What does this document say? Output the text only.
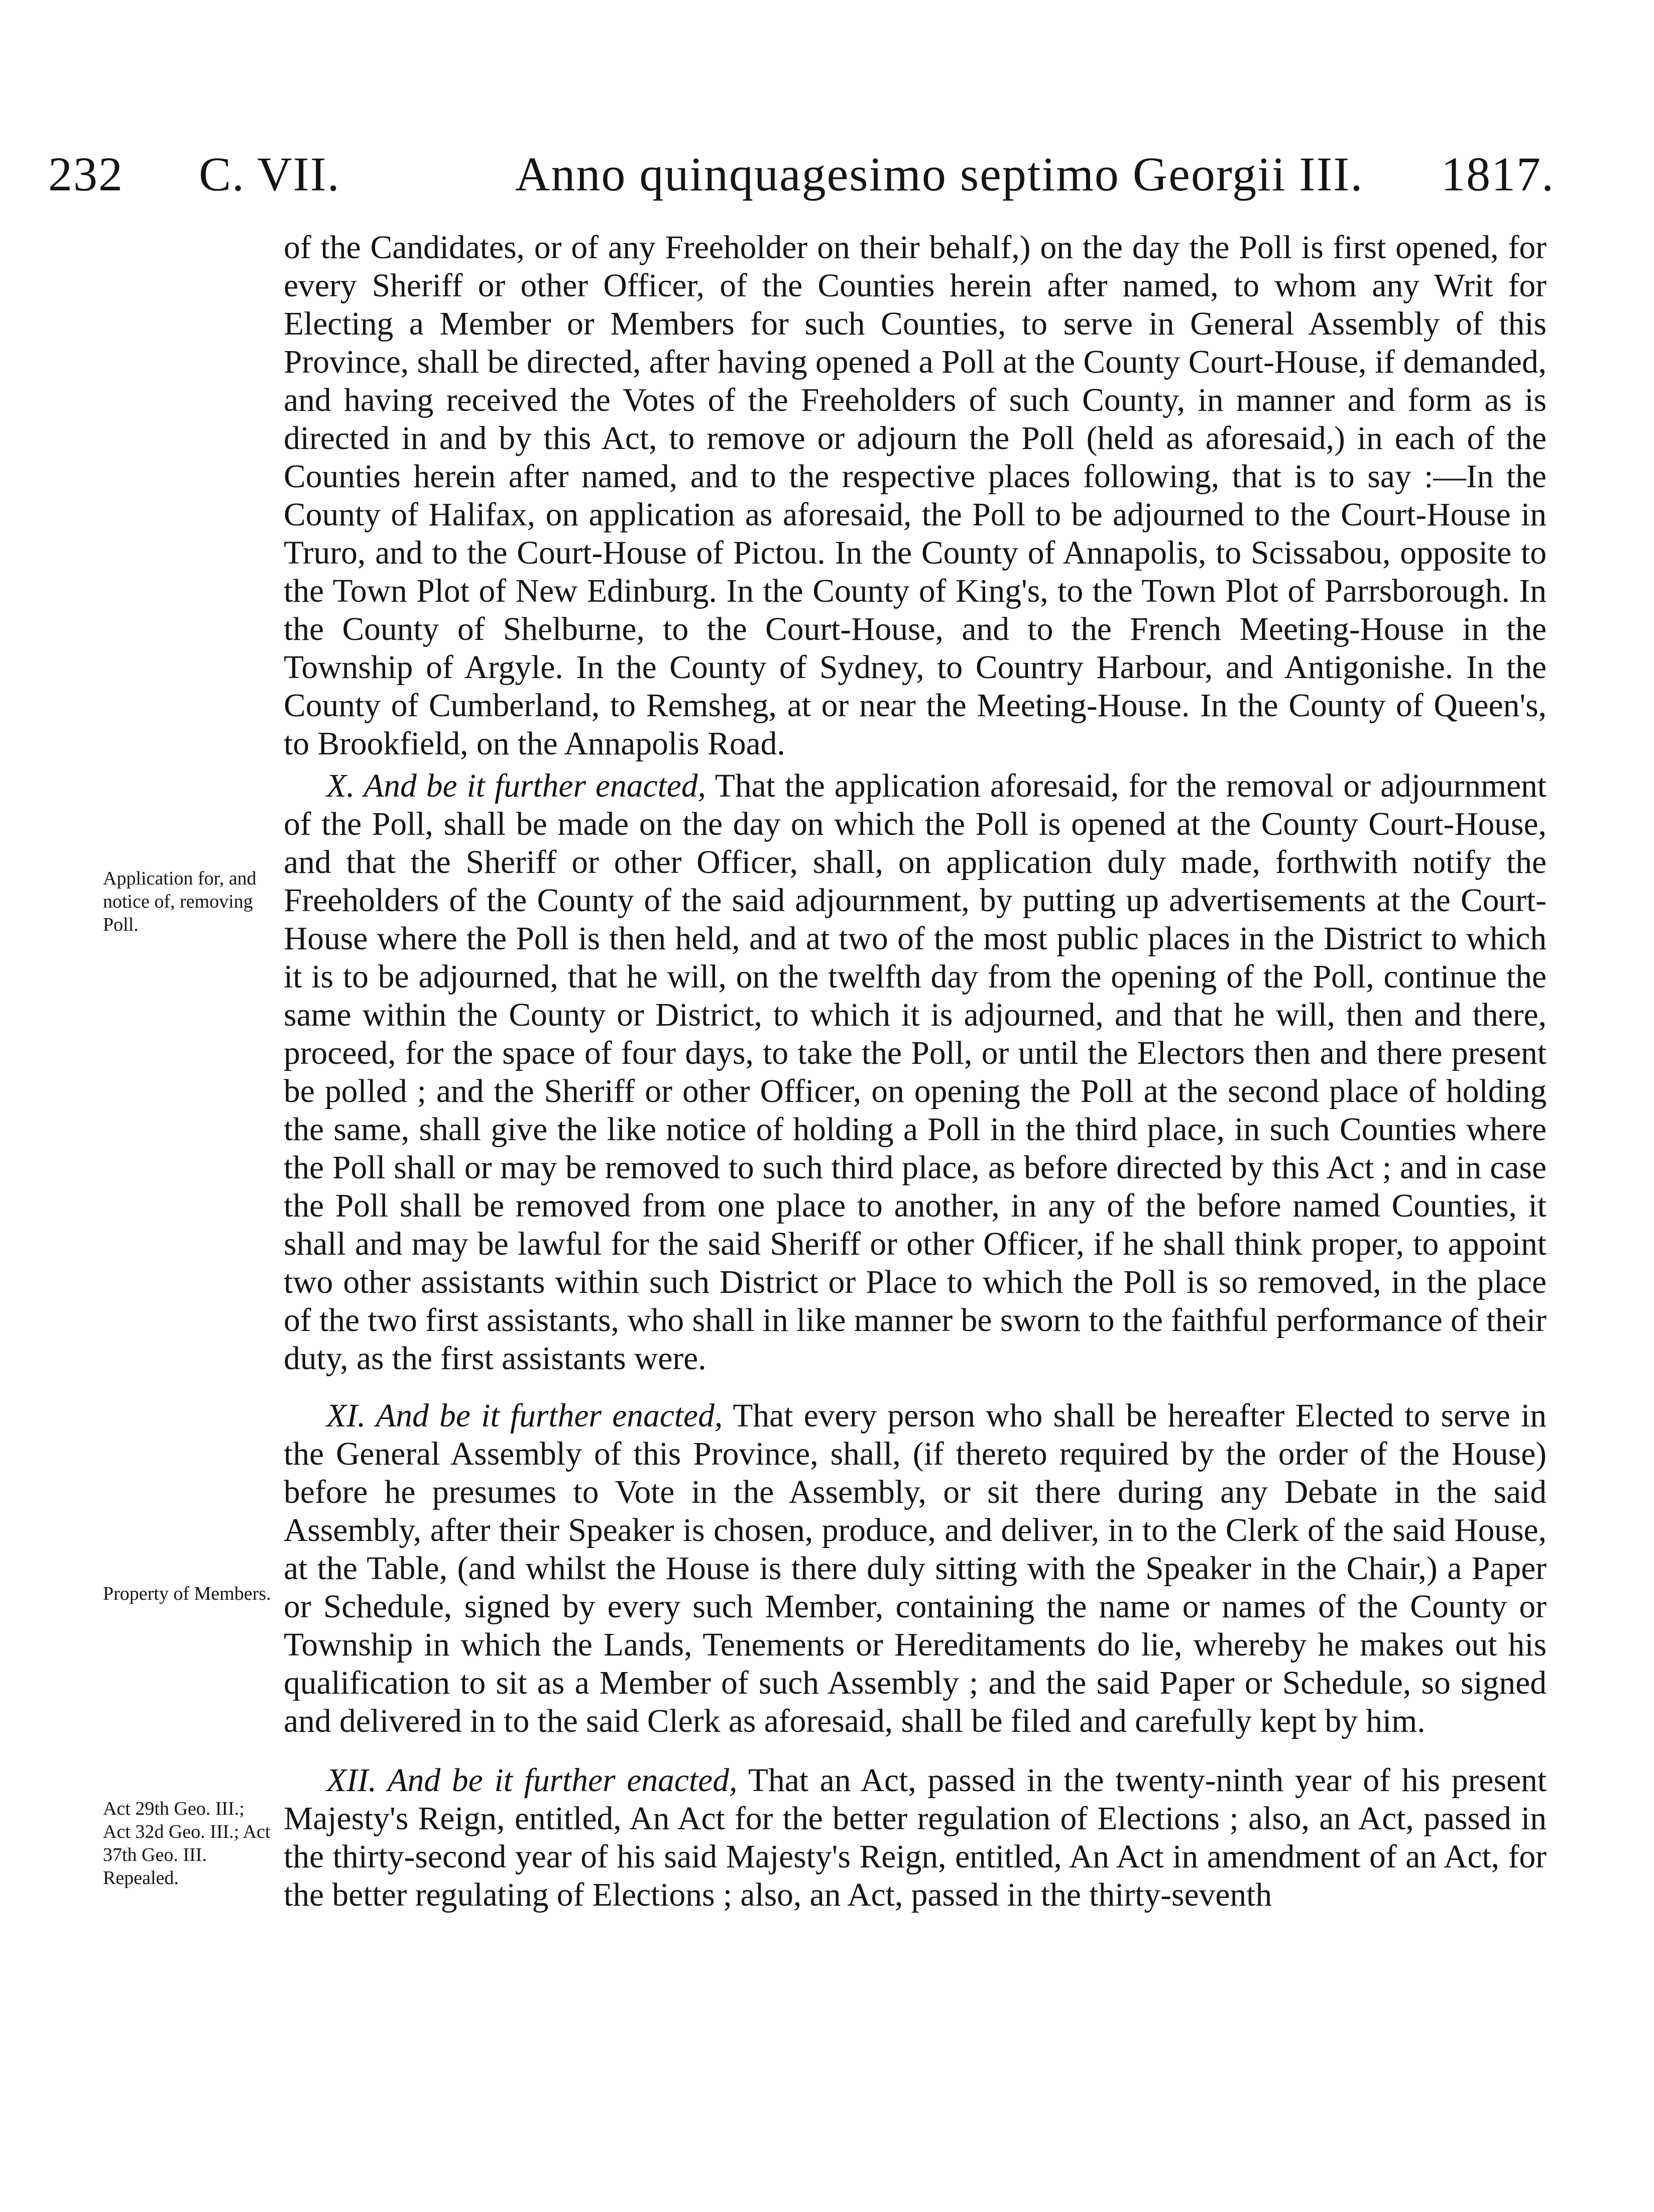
232 C. VII.	Anno quinquagesimo septimo Georgii III. 1817.

Application for, and notice of, removing Poll.

Property of Members.

Act 29th Geo. III.; Act 32d Geo. III.; Act 37th Geo. III. Repealed.

of the Candidates, or of any Freeholder on their behalf,) on the day the Poll is first opened, for every Sheriff or other Officer, of the Counties herein after named, to whom any Writ for Electing a Member or Members for such Counties, to serve in General Assembly of this Province, shall be directed, after having opened a Poll at the County Court-House, if demanded, and having received the Votes of the Freeholders of such County, in manner and form as is directed in and by this Act, to remove or adjourn the Poll (held as aforesaid,) in each of the Counties herein after named, and to the respective places following, that is to say :—In the County of Halifax, on application as aforesaid, the Poll to be adjourned to the Court-House in Truro, and to the Court-House of Pictou. In the County of Annapolis, to Scissabou, opposite to the Town Plot of New Edinburg. In the County of King's, to the Town Plot of Parrsborough. In the County of Shelburne, to the Court-House, and to the French Meeting-House in the Township of Argyle. In the County of Sydney, to Country Harbour, and Antigonishe. In the County of Cumberland, to Remsheg, at or near the Meeting-House. In the County of Queen's, to Brookfield, on the Annapolis Road.

X. And be it further enacted, That the application aforesaid, for the removal or adjournment of the Poll, shall be made on the day on which the Poll is opened at the County Court-House, and that the Sheriff or other Officer, shall, on application duly made, forthwith notify the Freeholders of the County of the said adjournment, by putting up advertisements at the Court-House where the Poll is then held, and at two of the most public places in the District to which it is to be adjourned, that he will, on the twelfth day from the opening of the Poll, continue the same within the County or District, to which it is adjourned, and that he will, then and there, proceed, for the space of four days, to take the Poll, or until the Electors then and there present be polled ; and the Sheriff or other Officer, on opening the Poll at the second place of holding the same, shall give the like notice of holding a Poll in the third place, in such Counties where the Poll shall or may be removed to such third place, as before directed by this Act ; and in case the Poll shall be removed from one place to another, in any of the before named Counties, it shall and may be lawful for the said Sheriff or other Officer, if he shall think proper, to appoint two other assistants within such District or Place to which the Poll is so removed, in the place of the two first assistants, who shall in like manner be sworn to the faithful performance of their duty, as the first assistants were.

XI. And be it further enacted, That every person who shall be hereafter Elected to serve in the General Assembly of this Province, shall, (if thereto required by the order of the House) before he presumes to Vote in the Assembly, or sit there during any Debate in the said Assembly, after their Speaker is chosen, produce, and deliver, in to the Clerk of the said House, at the Table, (and whilst the House is there duly sitting with the Speaker in the Chair,) a Paper or Schedule, signed by every such Member, containing the name or names of the County or Township in which the Lands, Tenements or Hereditaments do lie, whereby he makes out his qualification to sit as a Member of such Assembly ; and the said Paper or Schedule, so signed and delivered in to the said Clerk as aforesaid, shall be filed and carefully kept by him.

XII. And be it further enacted, That an Act, passed in the twenty-ninth year of his present Majesty's Reign, entitled, An Act for the better regulation of Elections ; also, an Act, passed in the thirty-second year of his said Majesty's Reign, entitled, An Act in amendment of an Act, for the better regulating of Elections ; also, an Act, passed in the thirty-seventh
